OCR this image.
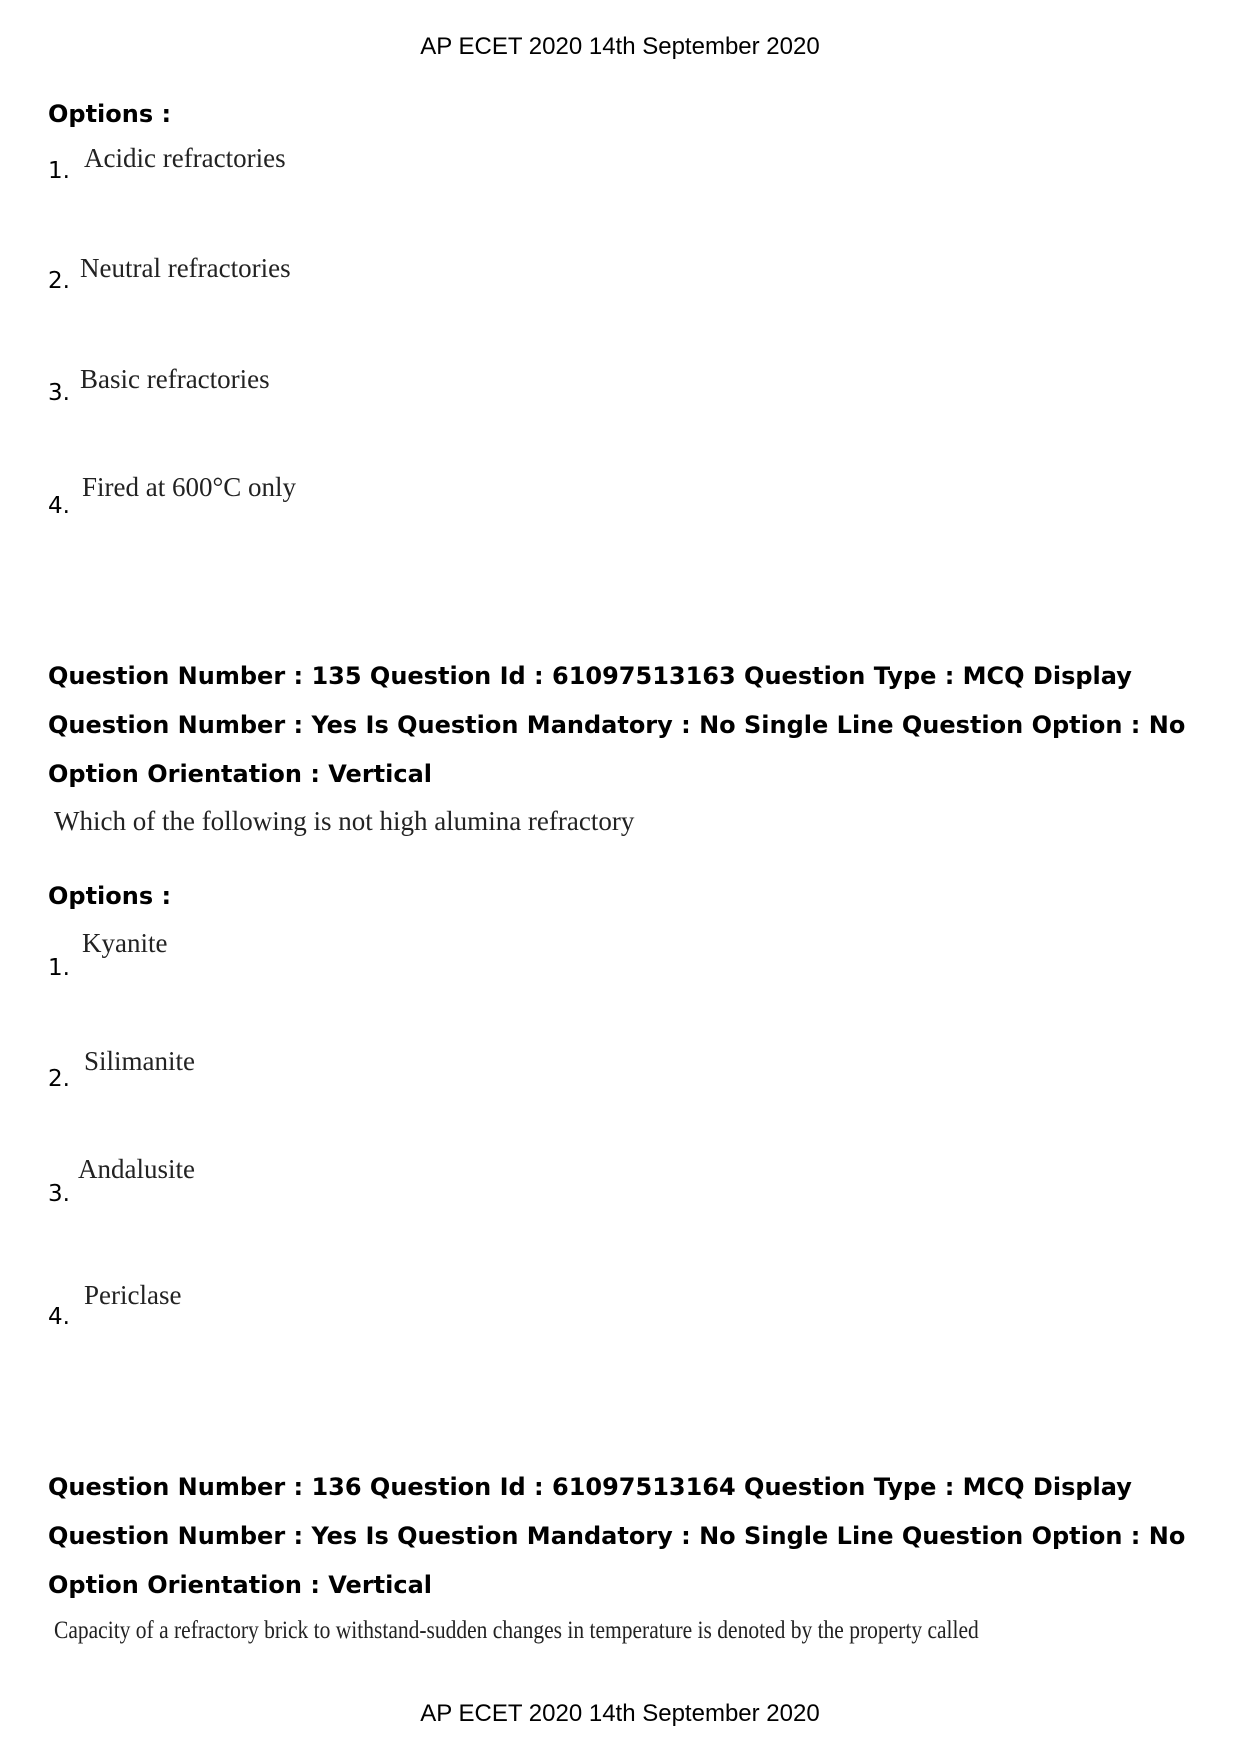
AP ECET 2020 14th September 2020
Options :
1. Acidic refractories
2. Neutral refractories
3. Basic refractories
4.
Fired at 600°C only
Question Number : 135 Question Id : 61097513163 Question Type : MCQ Display Question Number : Yes Is Question Mandatory : No Single Line Question Option : No Option Orientation : Vertical
Which of the following is not high alumina refractory
Options :
1.
Kyanite
2.
Silimanite
3.
Andalusite
4.
Periclase
Question Number : 136 Question Id : 61097513164 Question Type : MCQ Display Question Number : Yes Is Question Mandatory : No Single Line Question Option : No Option Orientation : Vertical
Capacity of a refractory brick to withstand-sudden changes in temperature is denoted by the property called
AP ECET 2020 14th September 2020
